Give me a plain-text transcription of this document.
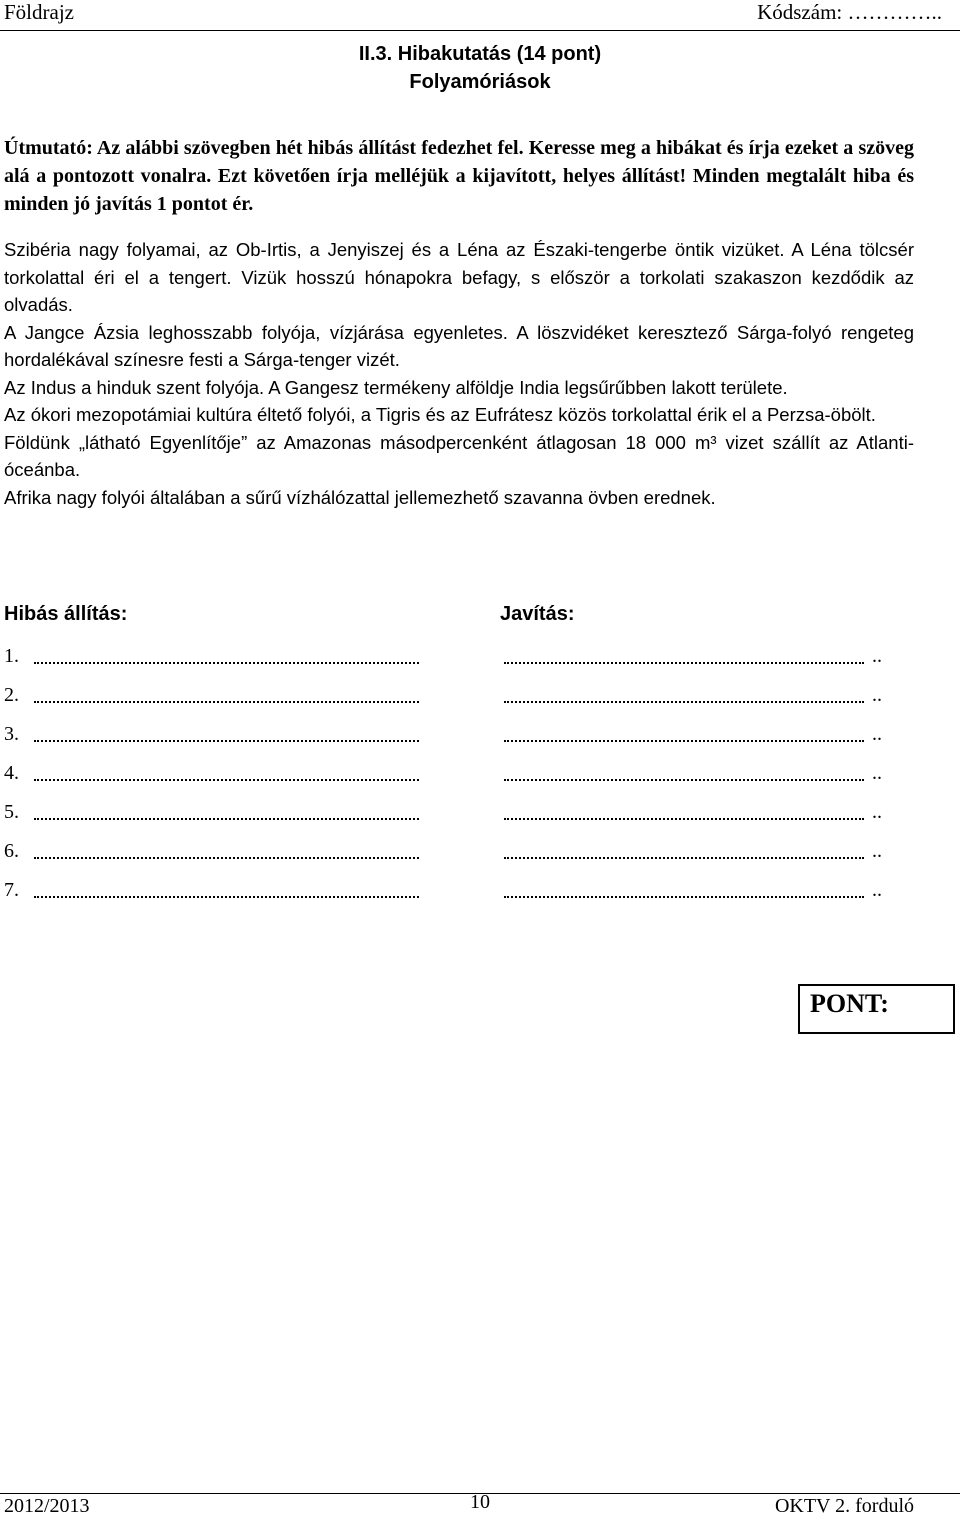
Földrajz	Kódszám: …………..
II.3. Hibakutatás (14 pont)
Folyamóriások
Útmutató: Az alábbi szövegben hét hibás állítást fedezhet fel. Keresse meg a hibákat és írja ezeket a szöveg alá a pontozott vonalra. Ezt követően írja melléjük a kijavított, helyes állítást! Minden megtalált hiba és minden jó javítás 1 pontot ér.

Szibéria nagy folyamai, az Ob-Irtis, a Jenyiszej és a Léna az Északi-tengerbe öntik vizüket. A Léna tölcsér torkolattal éri el a tengert. Vizük hosszú hónapokra befagy, s először a torkolati szakaszon kezdődik az olvadás.

A Jangce Ázsia leghosszabb folyója, vízjárása egyenletes. A löszvidéket keresztező Sárga-folyó rengeteg hordalékával színesre festi a Sárga-tenger vizét.

Az Indus a hinduk szent folyója. A Gangesz termékeny alföldje India legsűrűbben lakott területe.

Az ókori mezopotámiai kultúra éltető folyói, a Tigris és az Eufrátesz közös torkolattal érik el a Perzsa-öbölt.

Földünk „látható Egyenlítője” az Amazonas másodpercenként átlagosan 18 000 m³ vizet szállít az Atlanti-óceánba.

Afrika nagy folyói általában a sűrű vízhálózattal jellemezhető szavanna övben erednek.

Hibás állítás:	Javítás:
1.	..
2.	..
3.	..
4.	..
5.	..
6.	..
7.	..
PONT:
2012/2013	10	OKTV 2. forduló
